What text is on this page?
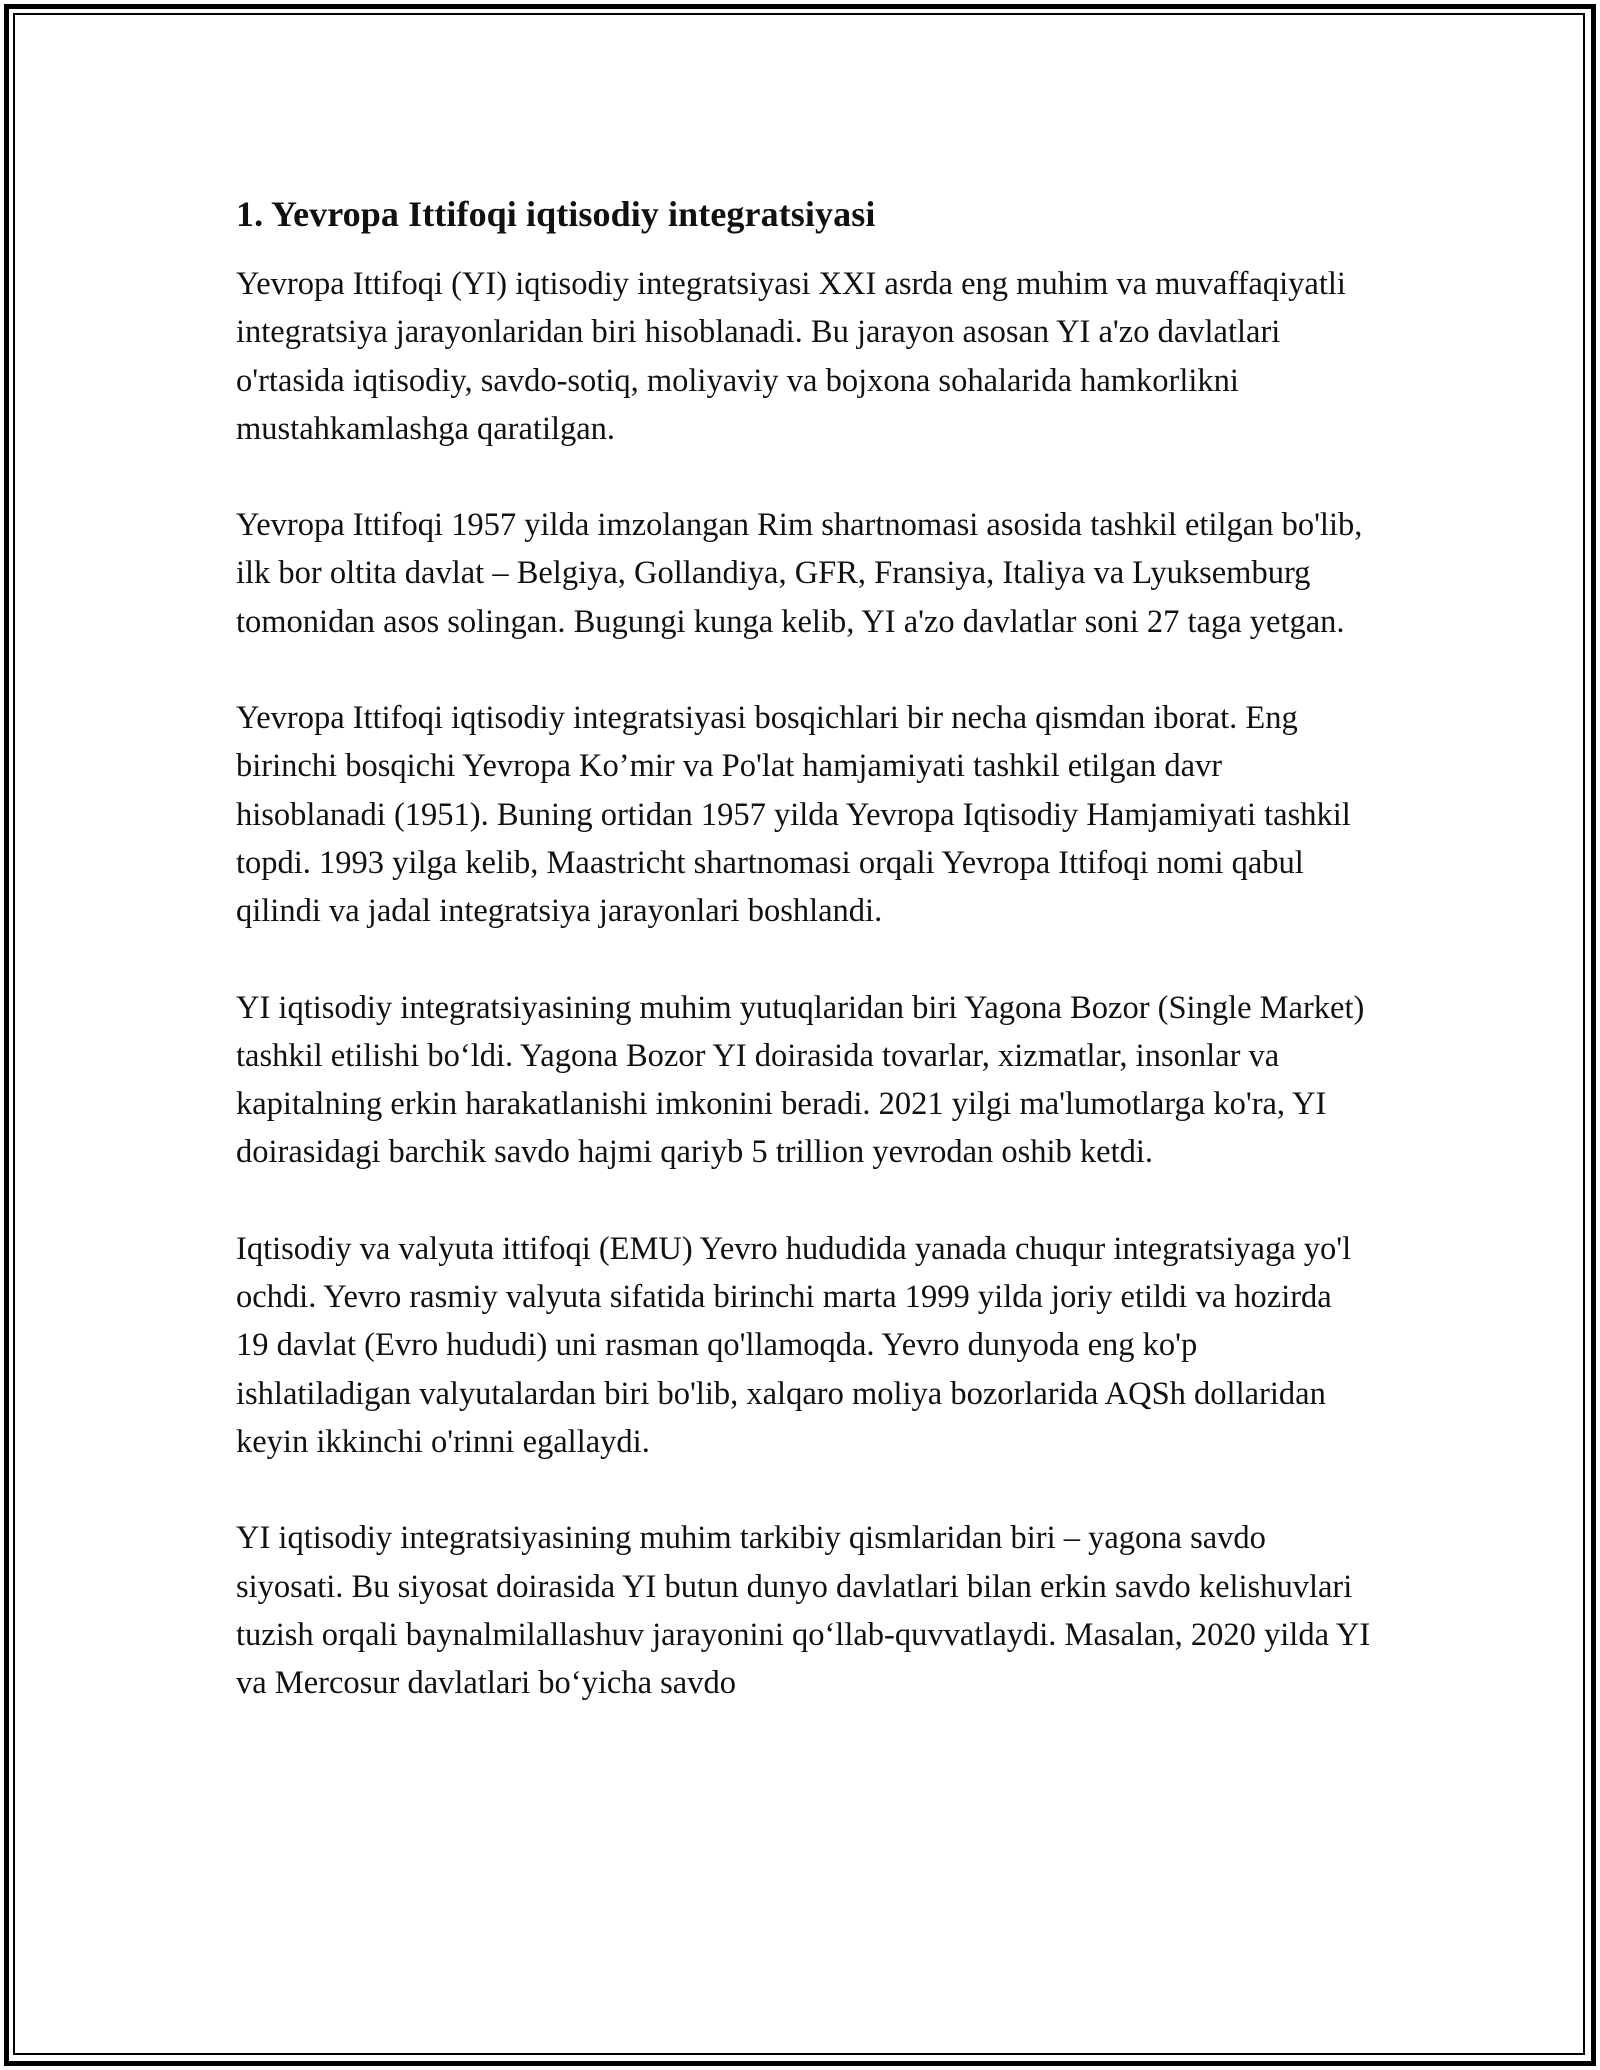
1. Yevropa Ittifoqi iqtisodiy integratsiyasi

Yevropa Ittifoqi (YI) iqtisodiy integratsiyasi XXI asrda eng muhim va muvaffaqiyatli integratsiya jarayonlaridan biri hisoblanadi. Bu jarayon asosan YI a'zo davlatlari o'rtasida iqtisodiy, savdo-sotiq, moliyaviy va bojxona sohalarida hamkorlikni mustahkamlashga qaratilgan.

Yevropa Ittifoqi 1957 yilda imzolangan Rim shartnomasi asosida tashkil etilgan bo'lib, ilk bor oltita davlat – Belgiya, Gollandiya, GFR, Fransiya, Italiya va Lyuksemburg tomonidan asos solingan. Bugungi kunga kelib, YI a'zo davlatlar soni 27 taga yetgan.

Yevropa Ittifoqi iqtisodiy integratsiyasi bosqichlari bir necha qismdan iborat. Eng birinchi bosqichi Yevropa Ko’mir va Po'lat hamjamiyati tashkil etilgan davr hisoblanadi (1951). Buning ortidan 1957 yilda Yevropa Iqtisodiy Hamjamiyati tashkil topdi. 1993 yilga kelib, Maastricht shartnomasi orqali Yevropa Ittifoqi nomi qabul qilindi va jadal integratsiya jarayonlari boshlandi.

YI iqtisodiy integratsiyasining muhim yutuqlaridan biri Yagona Bozor (Single Market) tashkil etilishi bo‘ldi. Yagona Bozor YI doirasida tovarlar, xizmatlar, insonlar va kapitalning erkin harakatlanishi imkonini beradi. 2021 yilgi ma'lumotlarga ko'ra, YI doirasidagi barchik savdo hajmi qariyb 5 trillion yevrodan oshib ketdi.

Iqtisodiy va valyuta ittifoqi (EMU) Yevro hududida yanada chuqur integratsiyaga yo'l ochdi. Yevro rasmiy valyuta sifatida birinchi marta 1999 yilda joriy etildi va hozirda 19 davlat (Evro hududi) uni rasman qo'llamoqda. Yevro dunyoda eng ko'p ishlatiladigan valyutalardan biri bo'lib, xalqaro moliya bozorlarida AQSh dollaridan keyin ikkinchi o'rinni egallaydi.

YI iqtisodiy integratsiyasining muhim tarkibiy qismlaridan biri – yagona savdo siyosati. Bu siyosat doirasida YI butun dunyo davlatlari bilan erkin savdo kelishuvlari tuzish orqali baynalmilallashuv jarayonini qo‘llab-quvvatlaydi. Masalan, 2020 yilda YI va Mercosur davlatlari bo‘yicha savdo
